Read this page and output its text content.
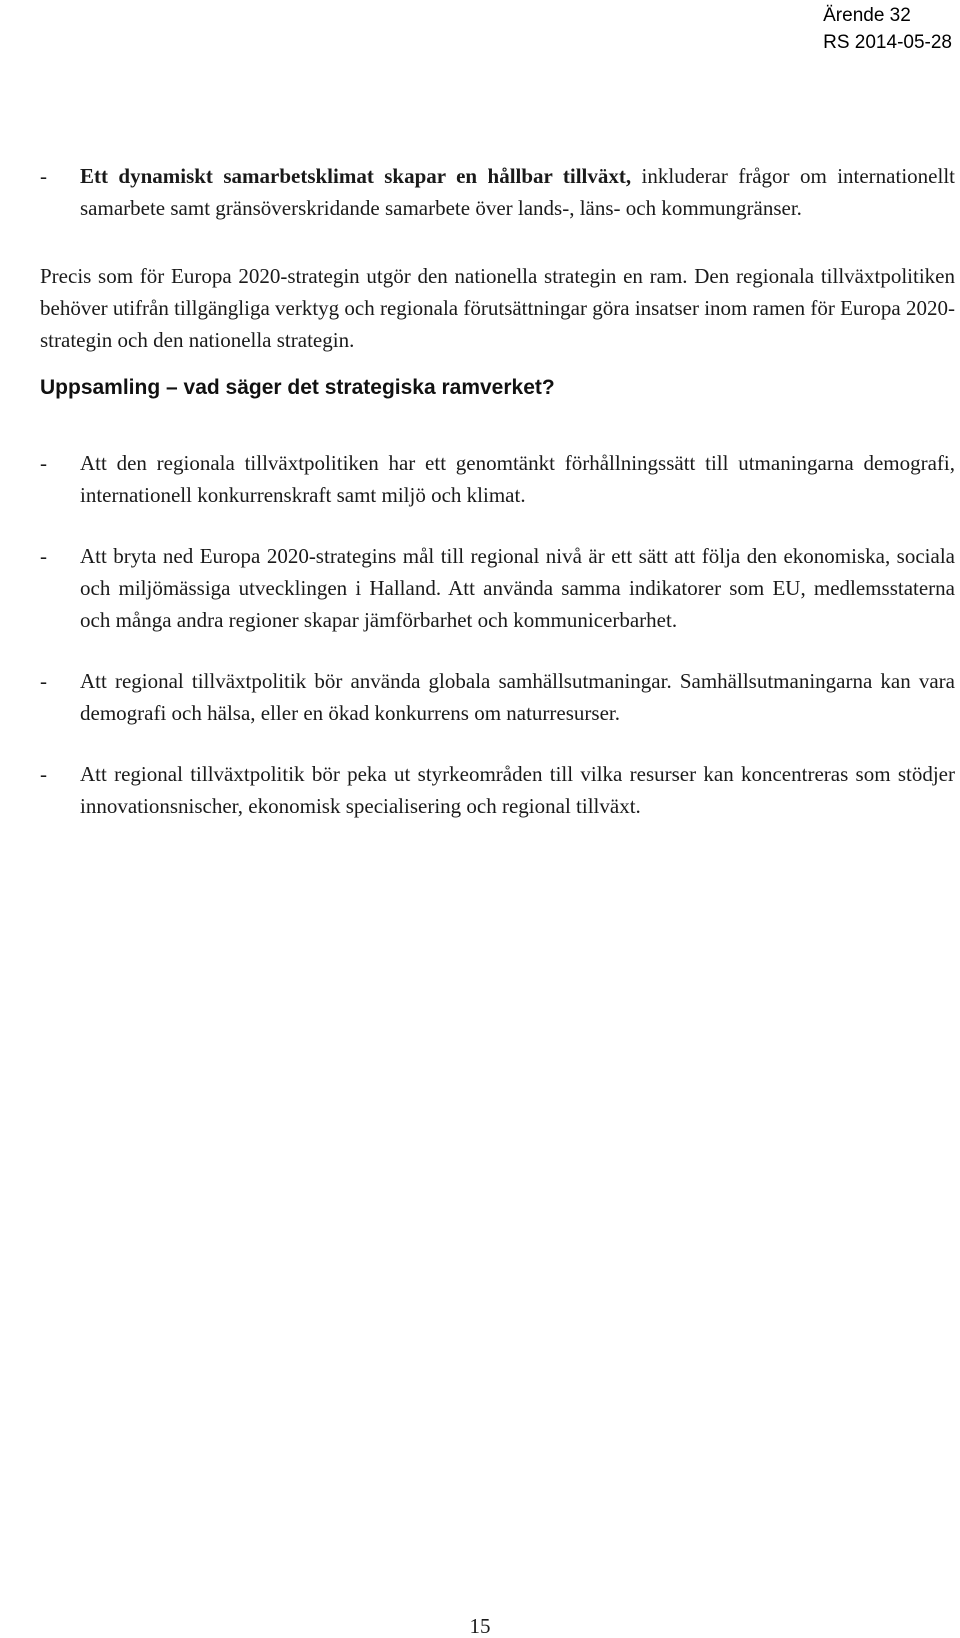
Ärende 32
RS 2014-05-28
- Ett dynamiskt samarbetsklimat skapar en hållbar tillväxt, inkluderar frågor om internationellt samarbete samt gränsöverskridande samarbete över lands-, läns- och kommungränser.
Precis som för Europa 2020-strategin utgör den nationella strategin en ram. Den regionala tillväxtpolitiken behöver utifrån tillgängliga verktyg och regionala förutsättningar göra insatser inom ramen för Europa 2020-strategin och den nationella strategin.
Uppsamling – vad säger det strategiska ramverket?
- Att den regionala tillväxtpolitiken har ett genomtänkt förhållningssätt till utmaningarna demografi, internationell konkurrenskraft samt miljö och klimat.
- Att bryta ned Europa 2020-strategins mål till regional nivå är ett sätt att följa den ekonomiska, sociala och miljömässiga utvecklingen i Halland. Att använda samma indikatorer som EU, medlemsstaterna och många andra regioner skapar jämförbarhet och kommunicerbarhet.
- Att regional tillväxtpolitik bör använda globala samhällsutmaningar. Samhällsutmaningarna kan vara demografi och hälsa, eller en ökad konkurrens om naturresurser.
- Att regional tillväxtpolitik bör peka ut styrkeområden till vilka resurser kan koncentreras som stödjer innovationsnischer, ekonomisk specialisering och regional tillväxt.
15
